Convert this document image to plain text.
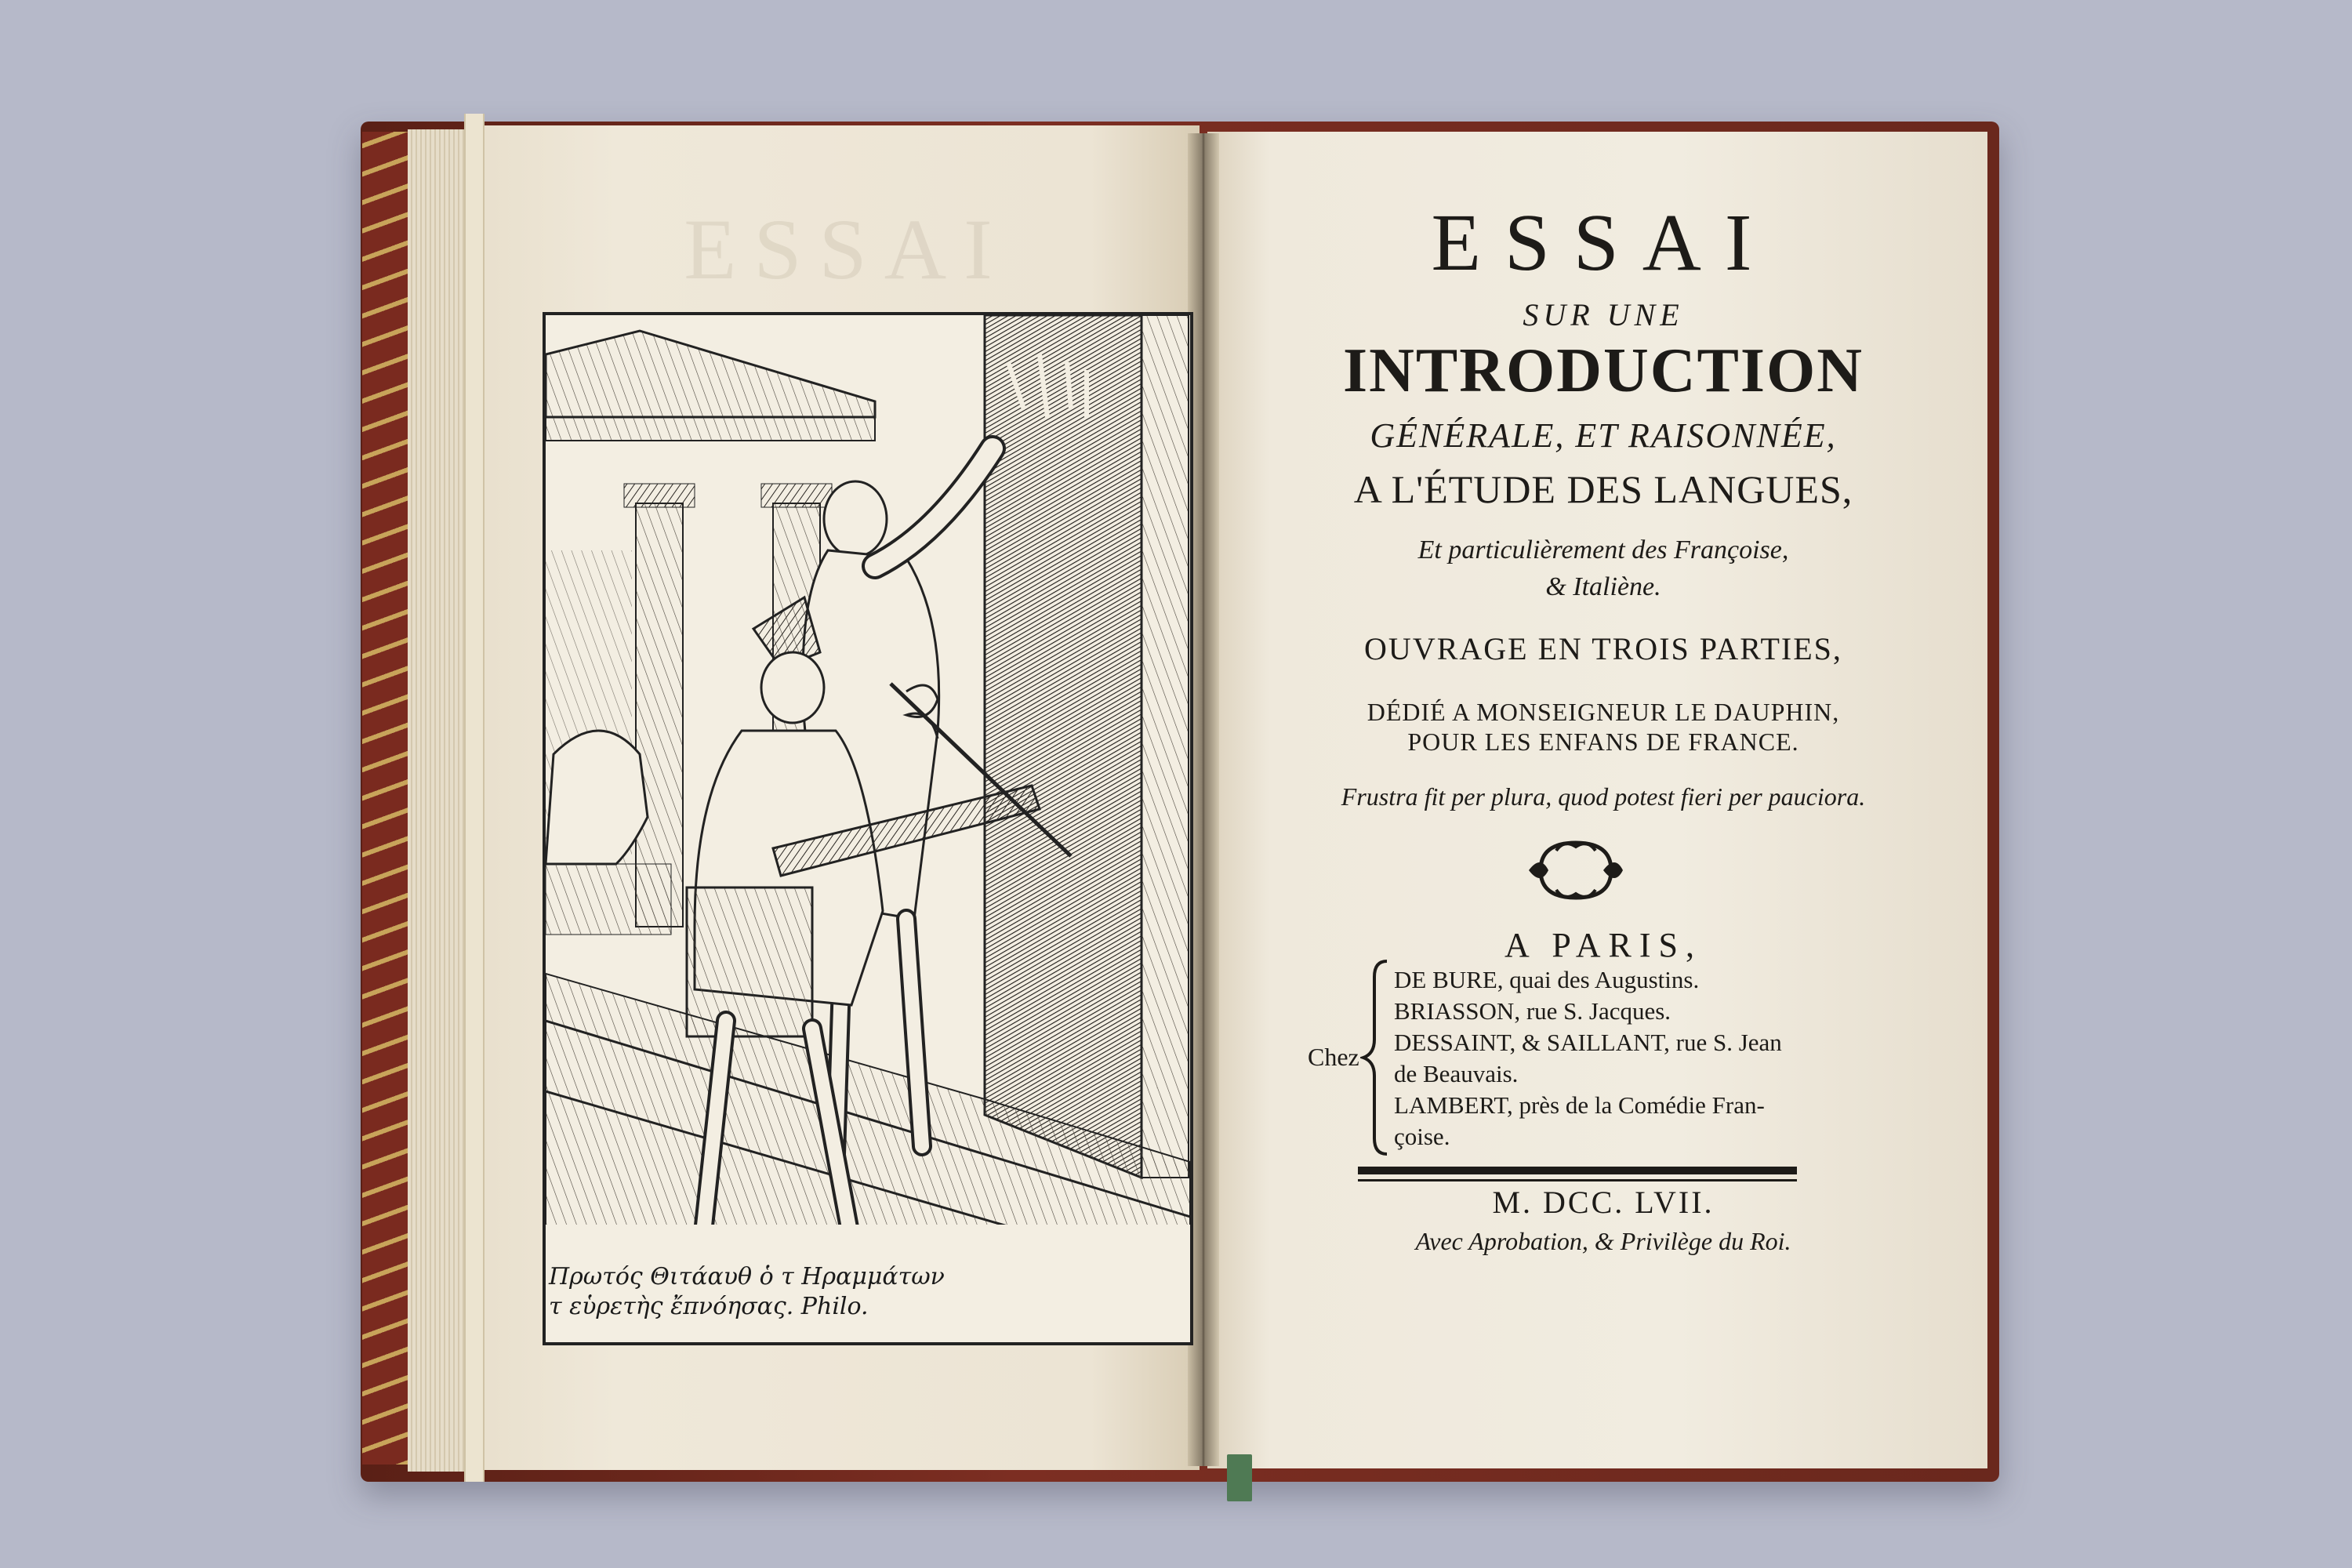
ESSAI
Πρωτός Θιτάαυθ ὁ τ Ηραμμάτων
τ εὑρετὴς ἔπνόησας. Philo.
ESSAI
SUR UNE
INTRODUCTION
GÉNÉRALE, ET RAISONNÉE,
A L'ÉTUDE DES LANGUES,
Et particulièrement des Françoise,
& Italiène.
OUVRAGE EN TROIS PARTIES,
DÉDIÉ A MONSEIGNEUR LE DAUPHIN,
POUR LES ENFANS DE FRANCE.
Frustra fit per plura, quod potest fieri per pauciora.
A PARIS,
Chez
DE BURE, quai des Augustins.
BRIASSON, rue S. Jacques.
DESSAINT, & SAILLANT, rue S. Jean
de Beauvais.
LAMBERT, près de la Comédie Fran-
çoise.
M. DCC. LVII.
Avec Aprobation, & Privilège du Roi.
